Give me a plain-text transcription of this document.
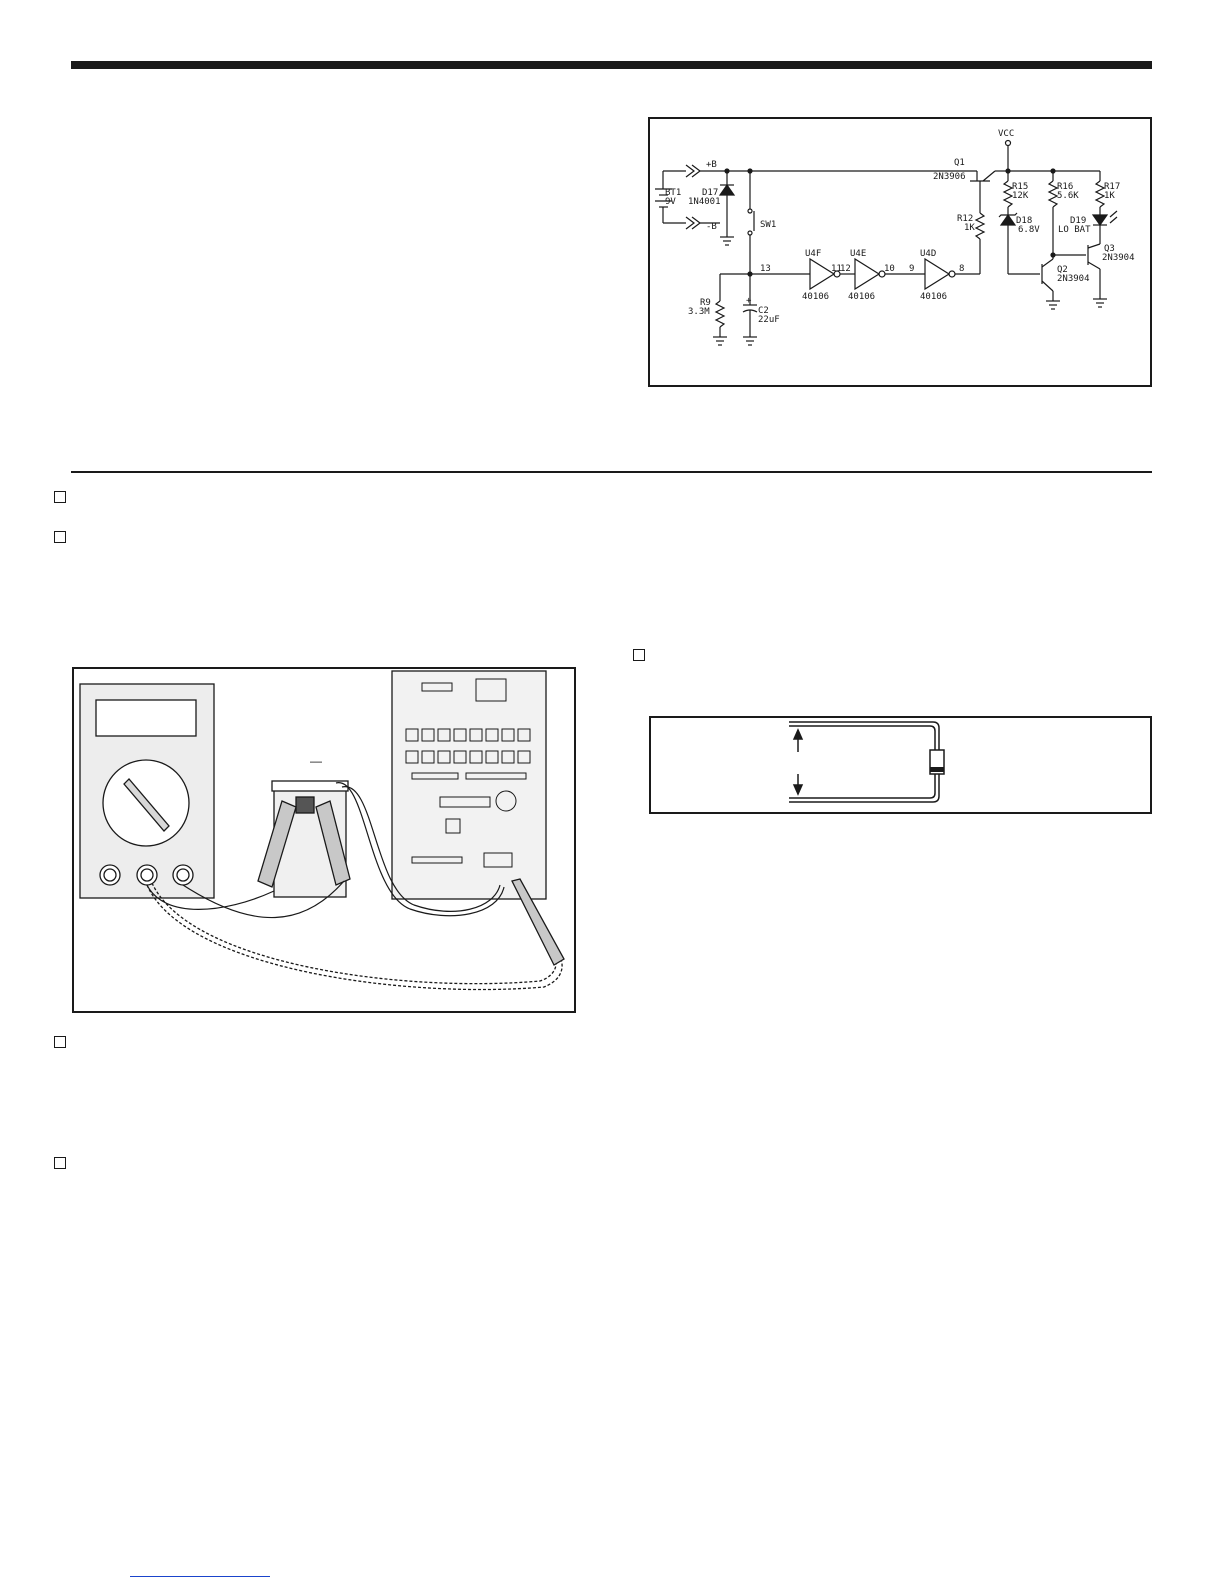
BT1
9V
+B
-B
D17
1N4001
SW1
R9
3.3M
+
C2
22uF
U4F	U4E	U4D
40106 40106	40106
13	12
11	10 9	8
Q1
2N3906
VCC
R12
1K
R15
12K
R16
5.6K
R17
1K
D18
6.8V
D19
LO BAT
Q3
2N3904
Q2
2N3904
—
